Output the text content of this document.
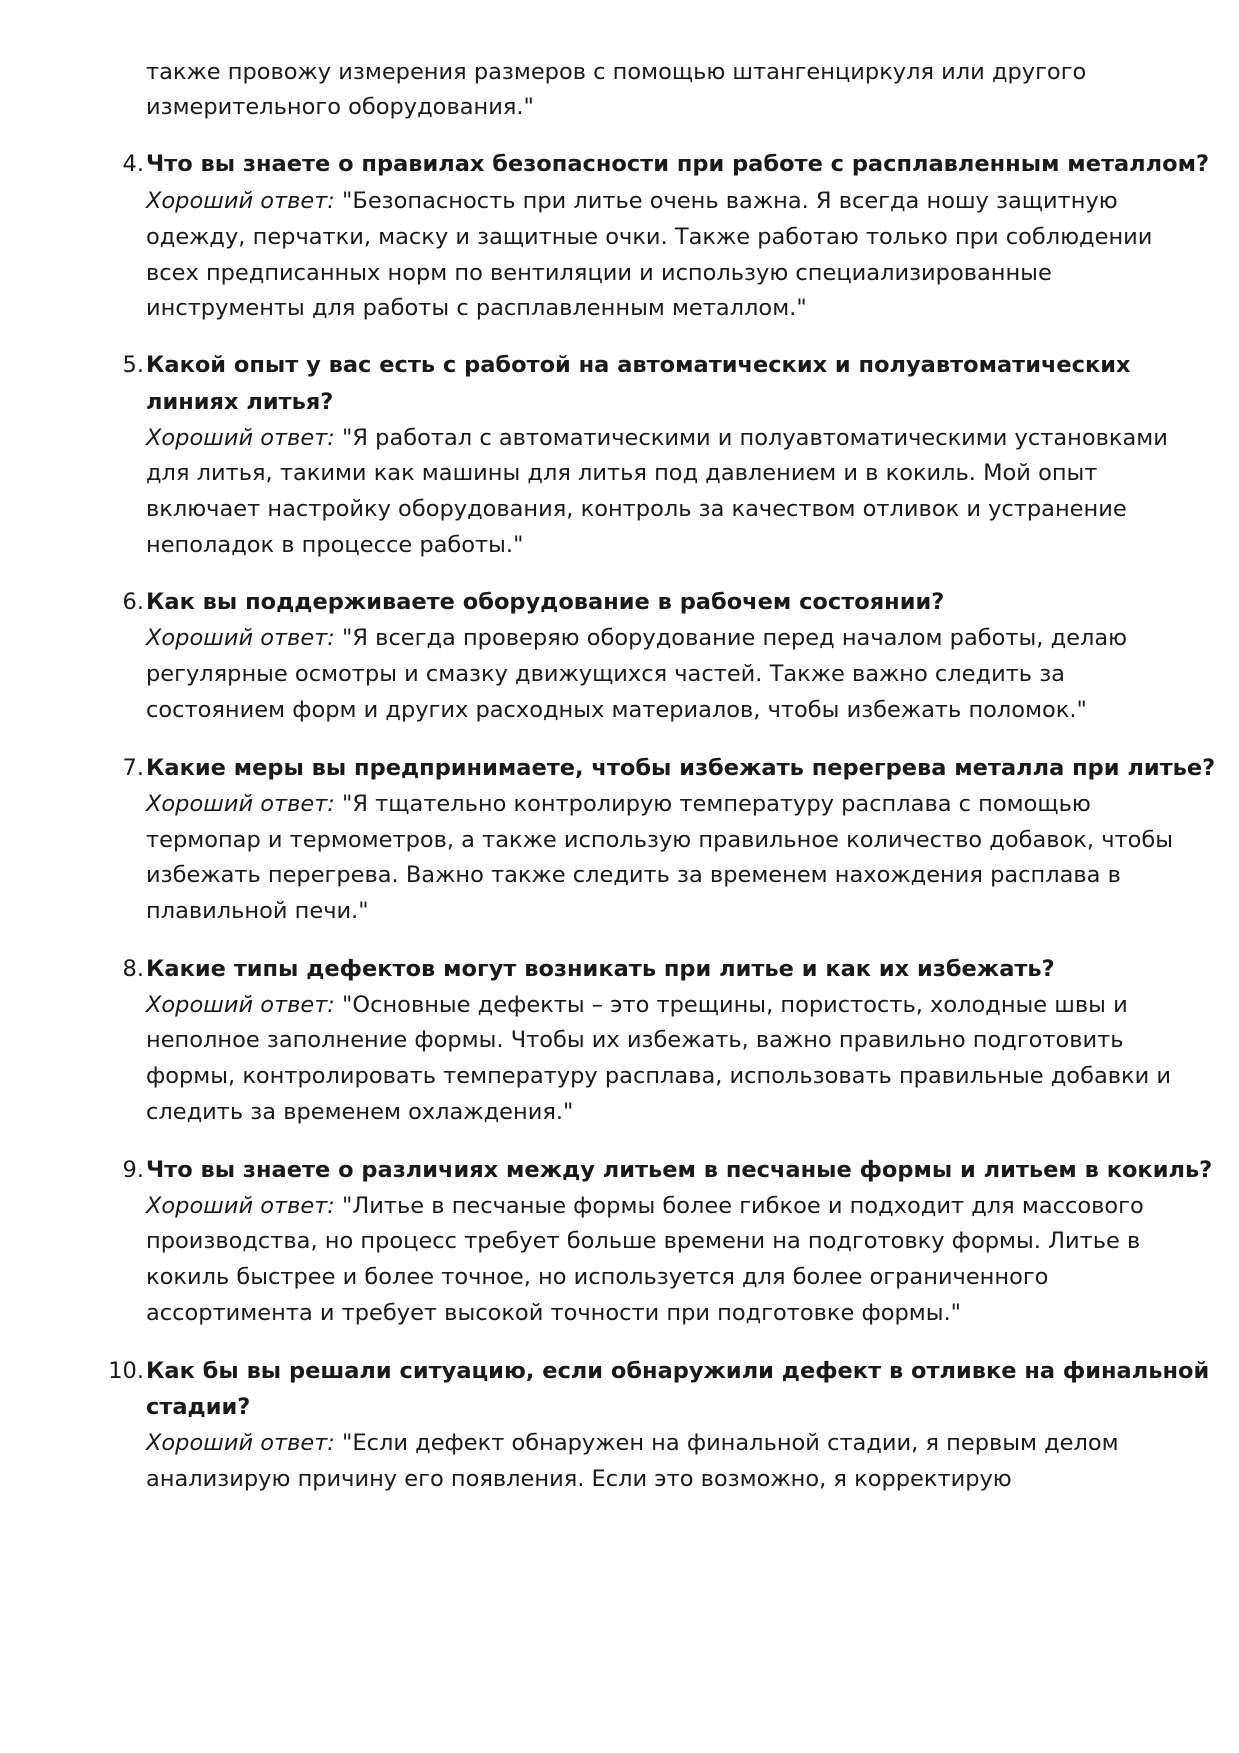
также провожу измерения размеров с помощью штангенциркуля или другого
измерительного оборудования."
4. Что вы знаете о правилах безопасности при работе с расплавленным металлом?
Хороший ответ: "Безопасность при литье очень важна. Я всегда ношу защитную
одежду, перчатки, маску и защитные очки. Также работаю только при соблюдении
всех предписанных норм по вентиляции и использую специализированные
инструменты для работы с расплавленным металлом."
5. Какой опыт у вас есть с работой на автоматических и полуавтоматических
линиях литья?
Хороший ответ: "Я работал с автоматическими и полуавтоматическими установками
для литья, такими как машины для литья под давлением и в кокиль. Мой опыт
включает настройку оборудования, контроль за качеством отливок и устранение
неполадок в процессе работы."
6. Как вы поддерживаете оборудование в рабочем состоянии?
Хороший ответ: "Я всегда проверяю оборудование перед началом работы, делаю
регулярные осмотры и смазку движущихся частей. Также важно следить за
состоянием форм и других расходных материалов, чтобы избежать поломок."
7. Какие меры вы предпринимаете, чтобы избежать перегрева металла при литье?
Хороший ответ: "Я тщательно контролирую температуру расплава с помощью
термопар и термометров, а также использую правильное количество добавок, чтобы
избежать перегрева. Важно также следить за временем нахождения расплава в
плавильной печи."
8. Какие типы дефектов могут возникать при литье и как их избежать?
Хороший ответ: "Основные дефекты – это трещины, пористость, холодные швы и
неполное заполнение формы. Чтобы их избежать, важно правильно подготовить
формы, контролировать температуру расплава, использовать правильные добавки и
следить за временем охлаждения."
9. Что вы знаете о различиях между литьем в песчаные формы и литьем в кокиль?
Хороший ответ: "Литье в песчаные формы более гибкое и подходит для массового
производства, но процесс требует больше времени на подготовку формы. Литье в
кокиль быстрее и более точное, но используется для более ограниченного
ассортимента и требует высокой точности при подготовке формы."
10. Как бы вы решали ситуацию, если обнаружили дефект в отливке на финальной
стадии?
Хороший ответ: "Если дефект обнаружен на финальной стадии, я первым делом
анализирую причину его появления. Если это возможно, я корректирую
